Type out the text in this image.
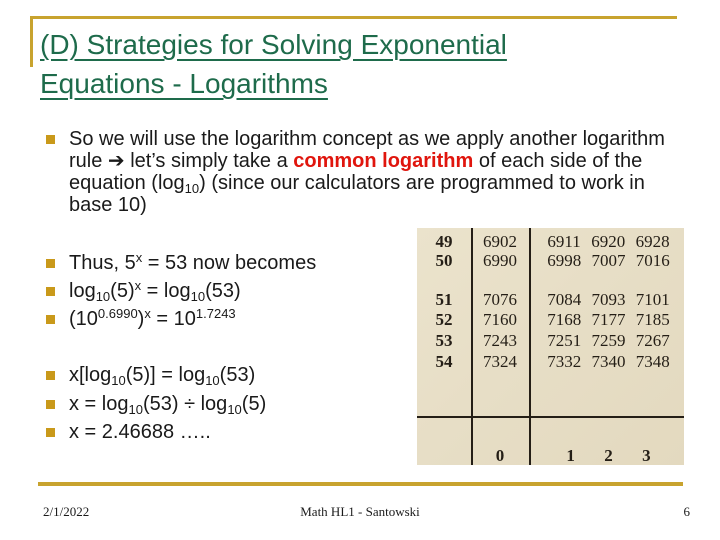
(D) Strategies for Solving Exponential
Equations - Logarithms
So we will use the logarithm concept as we apply another logarithm rule ➔ let’s simply take a common logarithm of each side of the equation $(\log_{10})$ (since our calculators are programmed to work in base 10)
Thus, $5^x = 53$ now becomes
$\log_{10}(5)^x = \log_{10}(53)$
$(10^{0.6990})^x = 10^{1.7243}$
$x[\log_{10}(5)] = \log_{10}(53)$
$x = \log_{10}(53) \div \log_{10}(5)$
x = 2.46688 …..
49	6902	6911 6920 6928
50	6990	6998 7007 7016
51	7076	7084 7093 7101
52	7160	7168 7177 7185
53	7243	7251 7259 7267
54	7324	7332 7340 7348
0	1 2 3
2/1/2022	Math HL1 - Santowski	6
